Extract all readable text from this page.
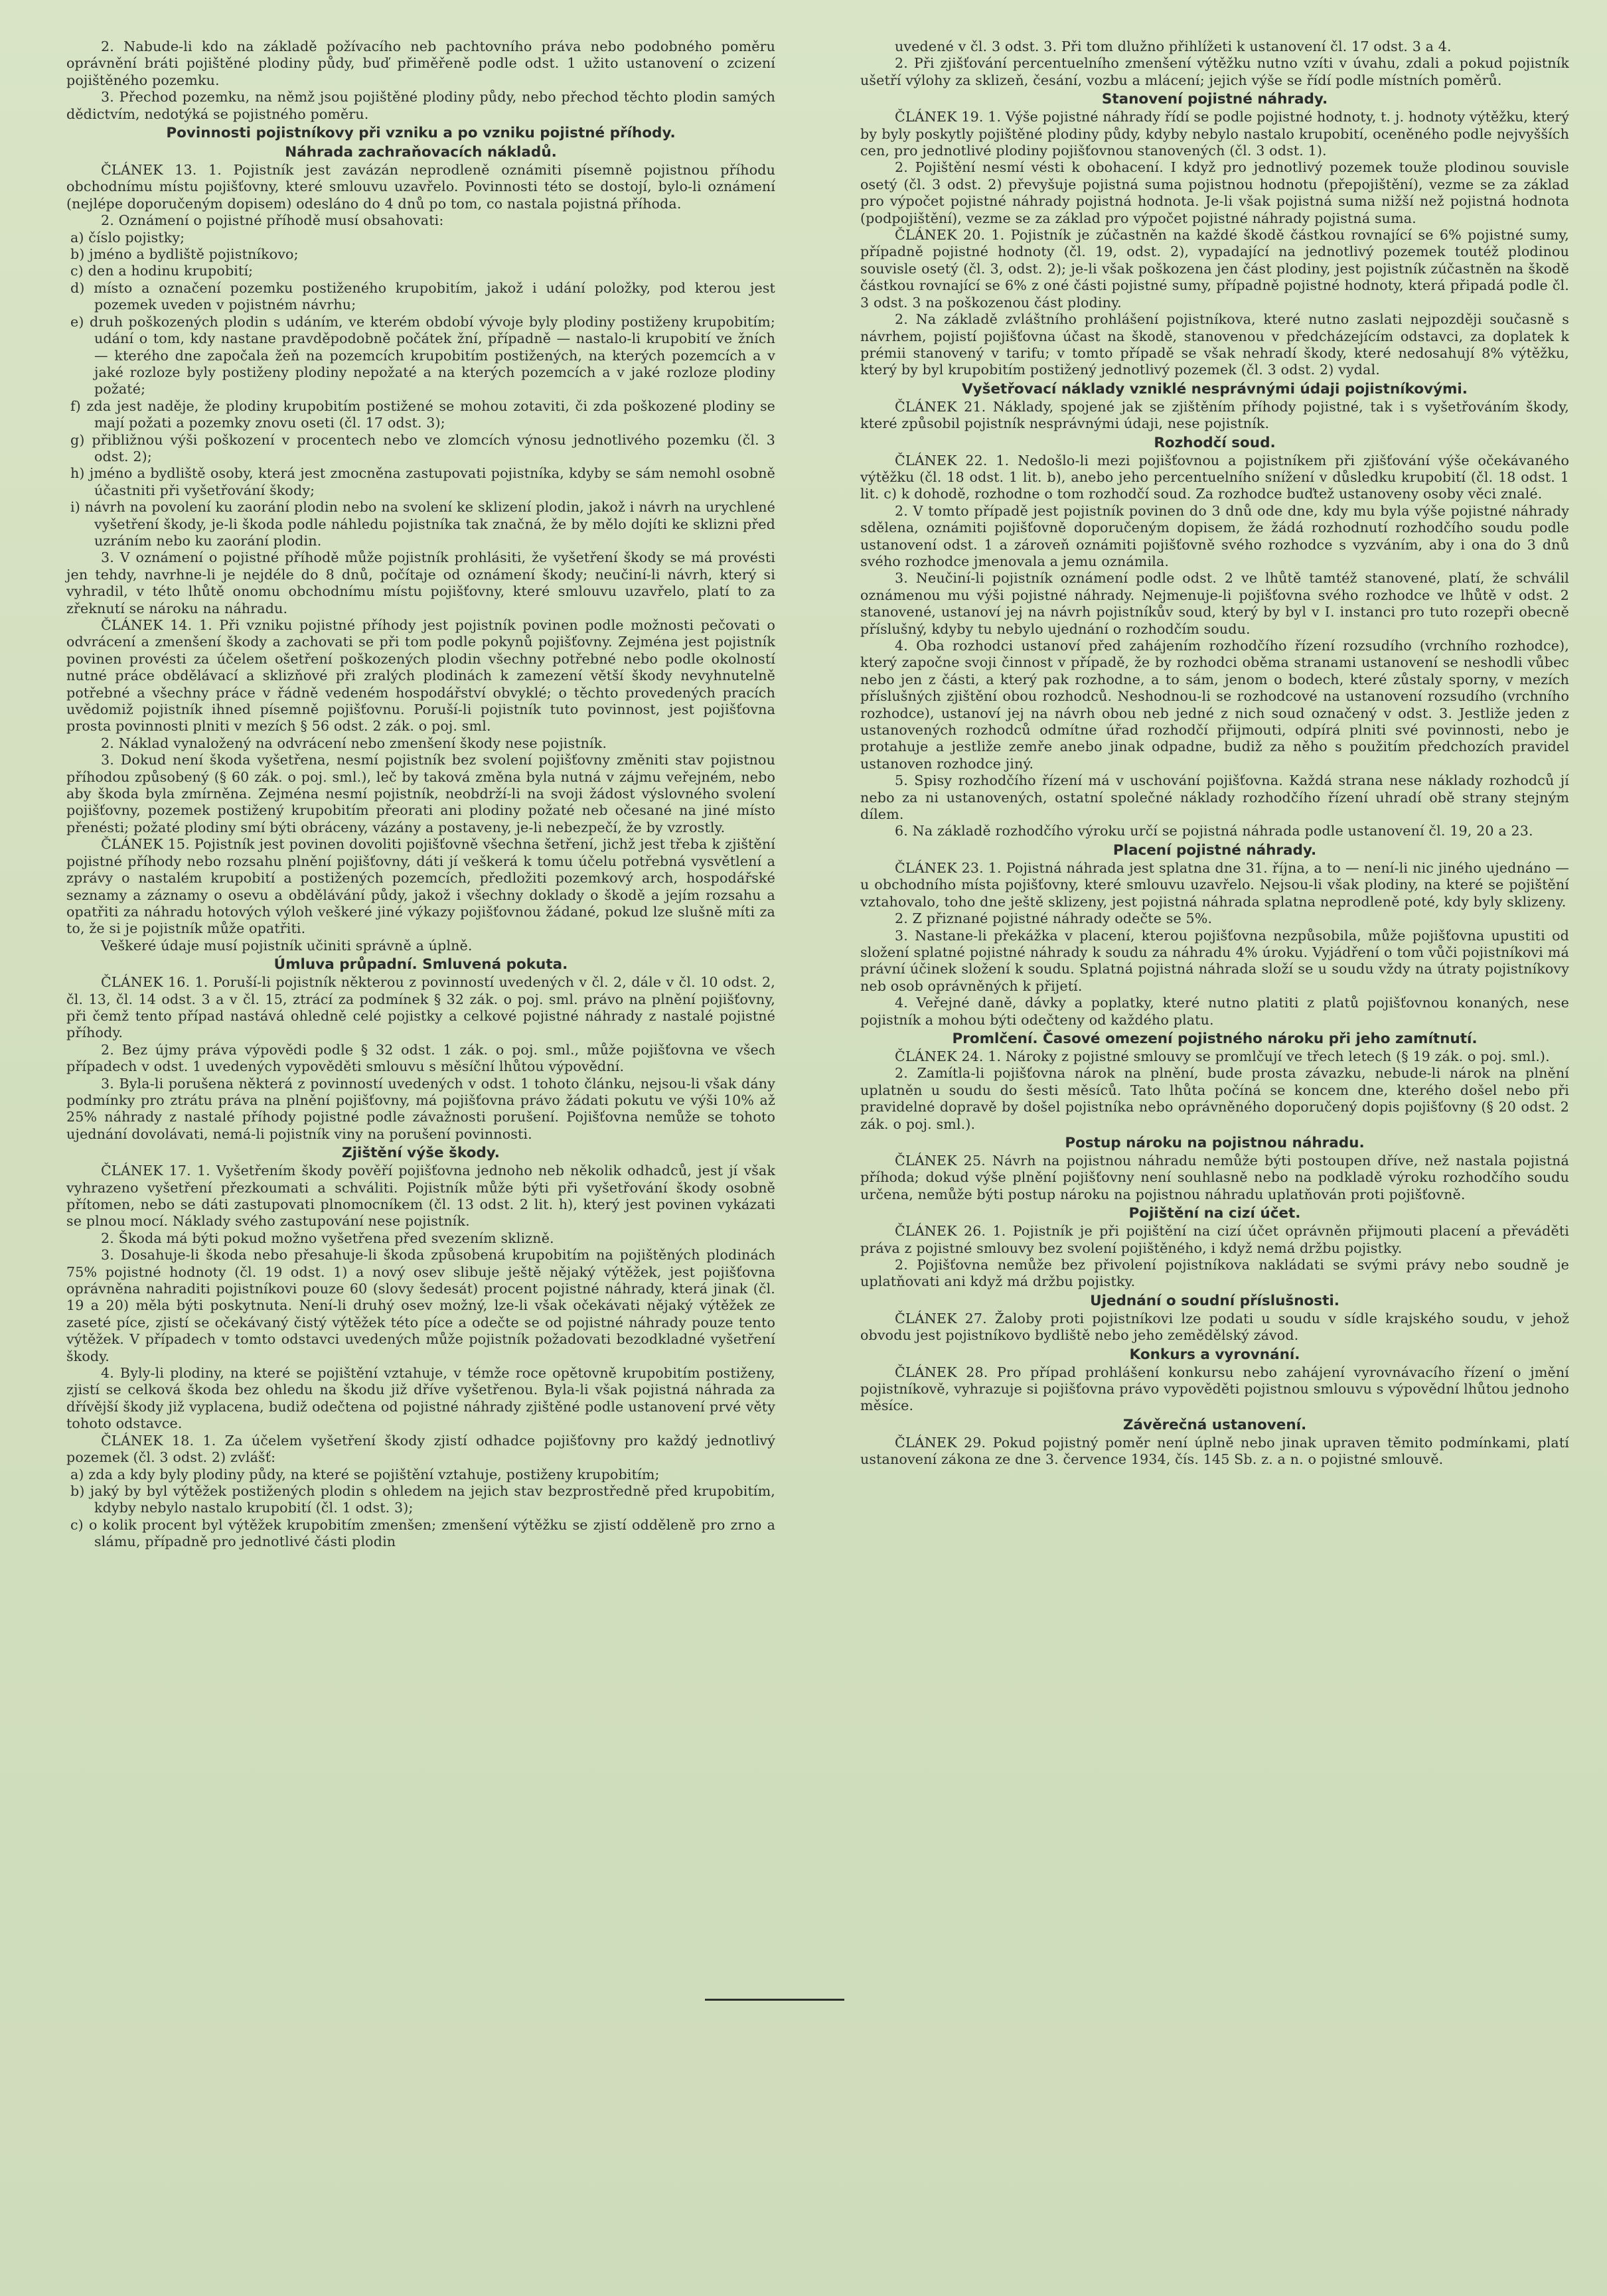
2. Nabude-li kdo na základě požívacího neb pachtovního práva nebo podobného poměru oprávnění bráti pojištěné plodiny půdy, buď přiměřeně podle odst. 1 užito ustanovení o zcizení pojištěného pozemku.

3. Přechod pozemku, na němž jsou pojištěné plodiny půdy, nebo přechod těchto plodin samých dědictvím, nedotýká se pojistného poměru.

Povinnosti pojistníkovy při vzniku a po vzniku pojistné příhody.
Náhrada zachraňovacích nákladů.

ČLÁNEK 13. 1. Pojistník jest zavázán neprodleně oznámiti písemně pojistnou příhodu obchodnímu místu pojišťovny, které smlouvu uzavřelo. Povinnosti této se dostojí, bylo-li oznámení (nejlépe doporučeným dopisem) odesláno do 4 dnů po tom, co nastala pojistná příhoda.

2. Oznámení o pojistné příhodě musí obsahovati:

a) číslo pojistky;

b) jméno a bydliště pojistníkovo;

c) den a hodinu krupobití;

d) místo a označení pozemku postiženého krupobitím, jakož i udání položky, pod kterou jest pozemek uveden v pojistném návrhu;

e) druh poškozených plodin s udáním, ve kterém období vývoje byly plodiny postiženy krupobitím; udání o tom, kdy nastane pravděpodobně počátek žní, případně — nastalo-li krupobití ve žních — kterého dne započala žeň na pozemcích krupobitím postižených, na kterých pozemcích a v jaké rozloze byly postiženy plodiny nepožaté a na kterých pozemcích a v jaké rozloze plodiny požaté;

f) zda jest naděje, že plodiny krupobitím postižené se mohou zotaviti, či zda poškozené plodiny se mají požati a pozemky znovu oseti (čl. 17 odst. 3);

g) přibližnou výši poškození v procentech nebo ve zlomcích výnosu jednotlivého pozemku (čl. 3 odst. 2);

h) jméno a bydliště osoby, která jest zmocněna zastupovati pojistníka, kdyby se sám nemohl osobně účastniti při vyšetřování škody;

i) návrh na povolení ku zaorání plodin nebo na svolení ke sklizení plodin, jakož i návrh na urychlené vyšetření škody, je-li škoda podle náhledu pojistníka tak značná, že by mělo dojíti ke sklizni před uzráním nebo ku zaorání plodin.

3. V oznámení o pojistné příhodě může pojistník prohlásiti, že vyšetření škody se má provésti jen tehdy, navrhne-li je nejdéle do 8 dnů, počítaje od oznámení škody; neučiní-li návrh, který si vyhradil, v této lhůtě onomu obchodnímu místu pojišťovny, které smlouvu uzavřelo, platí to za zřeknutí se nároku na náhradu.

ČLÁNEK 14. 1. Při vzniku pojistné příhody jest pojistník povinen podle možnosti pečovati o odvrácení a zmenšení škody a zachovati se při tom podle pokynů pojišťovny. Zejména jest pojistník povinen provésti za účelem ošetření poškozených plodin všechny potřebné nebo podle okolností nutné práce obdělávací a sklizňové při zralých plodinách k zamezení větší škody nevyhnutelně potřebné a všechny práce v řádně vedeném hospodářství obvyklé; o těchto provedených pracích uvědomiž pojistník ihned písemně pojišťovnu. Poruší-li pojistník tuto povinnost, jest pojišťovna prosta povinnosti plniti v mezích § 56 odst. 2 zák. o poj. sml.

2. Náklad vynaložený na odvrácení nebo zmenšení škody nese pojistník.

3. Dokud není škoda vyšetřena, nesmí pojistník bez svolení pojišťovny změniti stav pojistnou příhodou způsobený (§ 60 zák. o poj. sml.), leč by taková změna byla nutná v zájmu veřejném, nebo aby škoda byla zmírněna. Zejména nesmí pojistník, neobdrží-li na svoji žádost výslovného svolení pojišťovny, pozemek postižený krupobitím přeorati ani plodiny požaté neb očesané na jiné místo přenésti; požaté plodiny smí býti obráceny, vázány a postaveny, je-li nebezpečí, že by vzrostly.

ČLÁNEK 15. Pojistník jest povinen dovoliti pojišťovně všechna šetření, jichž jest třeba k zjištění pojistné příhody nebo rozsahu plnění pojišťovny, dáti jí veškerá k tomu účelu potřebná vysvětlení a zprávy o nastalém krupobití a postižených pozemcích, předložiti pozemkový arch, hospodářské seznamy a záznamy o osevu a obdělávání půdy, jakož i všechny doklady o škodě a jejím rozsahu a opatřiti za náhradu hotových výloh veškeré jiné výkazy pojišťovnou žádané, pokud lze slušně míti za to, že si je pojistník může opatřiti.

Veškeré údaje musí pojistník učiniti správně a úplně.

Úmluva průpadní. Smluvená pokuta.

ČLÁNEK 16. 1. Poruší-li pojistník některou z povinností uvedených v čl. 2, dále v čl. 10 odst. 2, čl. 13, čl. 14 odst. 3 a v čl. 15, ztrácí za podmínek § 32 zák. o poj. sml. právo na plnění pojišťovny, při čemž tento případ nastává ohledně celé pojistky a celkové pojistné náhrady z nastalé pojistné příhody.

2. Bez újmy práva výpovědi podle § 32 odst. 1 zák. o poj. sml., může pojišťovna ve všech případech v odst. 1 uvedených vypověděti smlouvu s měsíční lhůtou výpovědní.

3. Byla-li porušena některá z povinností uvedených v odst. 1 tohoto článku, nejsou-li však dány podmínky pro ztrátu práva na plnění pojišťovny, má pojišťovna právo žádati pokutu ve výši 10% až 25% náhrady z nastalé příhody pojistné podle závažnosti porušení. Pojišťovna nemůže se tohoto ujednání dovolávati, nemá-li pojistník viny na porušení povinnosti.

Zjištění výše škody.

ČLÁNEK 17. 1. Vyšetřením škody pověří pojišťovna jednoho neb několik odhadců, jest jí však vyhrazeno vyšetření přezkoumati a schváliti. Pojistník může býti při vyšetřování škody osobně přítomen, nebo se dáti zastupovati plnomocníkem (čl. 13 odst. 2 lit. h), který jest povinen vykázati se plnou mocí. Náklady svého zastupování nese pojistník.

2. Škoda má býti pokud možno vyšetřena před svezením sklizně.

3. Dosahuje-li škoda nebo přesahuje-li škoda způsobená krupobitím na pojištěných plodinách 75% pojistné hodnoty (čl. 19 odst. 1) a nový osev slibuje ještě nějaký výtěžek, jest pojišťovna oprávněna nahraditi pojistníkovi pouze 60 (slovy šedesát) procent pojistné náhrady, která jinak (čl. 19 a 20) měla býti poskytnuta. Není-li druhý osev možný, lze-li však očekávati nějaký výtěžek ze zaseté píce, zjistí se očekávaný čistý výtěžek této píce a odečte se od pojistné náhrady pouze tento výtěžek. V případech v tomto odstavci uvedených může pojistník požadovati bezodkladné vyšetření škody.

4. Byly-li plodiny, na které se pojištění vztahuje, v témže roce opětovně krupobitím postiženy, zjistí se celková škoda bez ohledu na škodu již dříve vyšetřenou. Byla-li však pojistná náhrada za dřívější škody již vyplacena, budiž odečtena od pojistné náhrady zjištěné podle ustanovení prvé věty tohoto odstavce.

ČLÁNEK 18. 1. Za účelem vyšetření škody zjistí odhadce pojišťovny pro každý jednotlivý pozemek (čl. 3 odst. 2) zvlášť:

a) zda a kdy byly plodiny půdy, na které se pojištění vztahuje, postiženy krupobitím;

b) jaký by byl výtěžek postižených plodin s ohledem na jejich stav bezprostředně před krupobitím, kdyby nebylo nastalo krupobití (čl. 1 odst. 3);

c) o kolik procent byl výtěžek krupobitím zmenšen; zmenšení výtěžku se zjistí odděleně pro zrno a slámu, případně pro jednotlivé části plodin

uvedené v čl. 3 odst. 3. Při tom dlužno přihlížeti k ustanovení čl. 17 odst. 3 a 4.

2. Při zjišťování percentuelního zmenšení výtěžku nutno vzíti v úvahu, zdali a pokud pojistník ušetří výlohy za sklizeň, česání, vozbu a mlácení; jejich výše se řídí podle místních poměrů.

Stanovení pojistné náhrady.

ČLÁNEK 19. 1. Výše pojistné náhrady řídí se podle pojistné hodnoty, t. j. hodnoty výtěžku, který by byly poskytly pojištěné plodiny půdy, kdyby nebylo nastalo krupobití, oceněného podle nejvyšších cen, pro jednotlivé plodiny pojišťovnou stanovených (čl. 3 odst. 1).

2. Pojištění nesmí vésti k obohacení. I když pro jednotlivý pozemek touže plodinou souvisle osetý (čl. 3 odst. 2) převyšuje pojistná suma pojistnou hodnotu (přepojištění), vezme se za základ pro výpočet pojistné náhrady pojistná hodnota. Je-li však pojistná suma nižší než pojistná hodnota (podpojištění), vezme se za základ pro výpočet pojistné náhrady pojistná suma.

ČLÁNEK 20. 1. Pojistník je zúčastněn na každé škodě částkou rovnající se 6% pojistné sumy, případně pojistné hodnoty (čl. 19, odst. 2), vypadající na jednotlivý pozemek toutéž plodinou souvisle osetý (čl. 3, odst. 2); je-li však poškozena jen část plodiny, jest pojistník zúčastněn na škodě částkou rovnající se 6% z oné části pojistné sumy, případně pojistné hodnoty, která připadá podle čl. 3 odst. 3 na poškozenou část plodiny.

2. Na základě zvláštního prohlášení pojistníkova, které nutno zaslati nejpozději současně s návrhem, pojistí pojišťovna účast na škodě, stanovenou v předcházejícím odstavci, za doplatek k prémii stanovený v tarifu; v tomto případě se však nehradí škody, které nedosahují 8% výtěžku, který by byl krupobitím postižený jednotlivý pozemek (čl. 3 odst. 2) vydal.

Vyšetřovací náklady vzniklé nesprávnými údaji pojistníkovými.

ČLÁNEK 21. Náklady, spojené jak se zjištěním příhody pojistné, tak i s vyšetřováním škody, které způsobil pojistník nesprávnými údaji, nese pojistník.

Rozhodčí soud.

ČLÁNEK 22. 1. Nedošlo-li mezi pojišťovnou a pojistníkem při zjišťování výše očekávaného výtěžku (čl. 18 odst. 1 lit. b), anebo jeho percentuelního snížení v důsledku krupobití (čl. 18 odst. 1 lit. c) k dohodě, rozhodne o tom rozhodčí soud. Za rozhodce buďtež ustanoveny osoby věci znalé.

2. V tomto případě jest pojistník povinen do 3 dnů ode dne, kdy mu byla výše pojistné náhrady sdělena, oznámiti pojišťovně doporučeným dopisem, že žádá rozhodnutí rozhodčího soudu podle ustanovení odst. 1 a zároveň oznámiti pojišťovně svého rozhodce s vyzváním, aby i ona do 3 dnů svého rozhodce jmenovala a jemu oznámila.

3. Neučiní-li pojistník oznámení podle odst. 2 ve lhůtě tamtéž stanovené, platí, že schválil oznámenou mu výši pojistné náhrady. Nejmenuje-li pojišťovna svého rozhodce ve lhůtě v odst. 2 stanovené, ustanoví jej na návrh pojistníkův soud, který by byl v I. instanci pro tuto rozepři obecně příslušný, kdyby tu nebylo ujednání o rozhodčím soudu.

4. Oba rozhodci ustanoví před zahájením rozhodčího řízení rozsudího (vrchního rozhodce), který započne svoji činnost v případě, že by rozhodci oběma stranami ustanovení se neshodli vůbec nebo jen z části, a který pak rozhodne, a to sám, jenom o bodech, které zůstaly sporny, v mezích příslušných zjištění obou rozhodců. Neshodnou-li se rozhodcové na ustanovení rozsudího (vrchního rozhodce), ustanoví jej na návrh obou neb jedné z nich soud označený v odst. 3. Jestliže jeden z ustanovených rozhodců odmítne úřad rozhodčí přijmouti, odpírá plniti své povinnosti, nebo je protahuje a jestliže zemře anebo jinak odpadne, budiž za něho s použitím předchozích pravidel ustanoven rozhodce jiný.

5. Spisy rozhodčího řízení má v uschování pojišťovna. Každá strana nese náklady rozhodců jí nebo za ni ustanovených, ostatní společné náklady rozhodčího řízení uhradí obě strany stejným dílem.

6. Na základě rozhodčího výroku určí se pojistná náhrada podle ustanovení čl. 19, 20 a 23.

Placení pojistné náhrady.

ČLÁNEK 23. 1. Pojistná náhrada jest splatna dne 31. října, a to — není-li nic jiného ujednáno — u obchodního místa pojišťovny, které smlouvu uzavřelo. Nejsou-li však plodiny, na které se pojištění vztahovalo, toho dne ještě sklizeny, jest pojistná náhrada splatna neprodleně poté, kdy byly sklizeny.

2. Z přiznané pojistné náhrady odečte se 5%.

3. Nastane-li překážka v placení, kterou pojišťovna nezpůsobila, může pojišťovna upustiti od složení splatné pojistné náhrady k soudu za náhradu 4% úroku. Vyjádření o tom vůči pojistníkovi má právní účinek složení k soudu. Splatná pojistná náhrada složí se u soudu vždy na útraty pojistníkovy neb osob oprávněných k přijetí.

4. Veřejné daně, dávky a poplatky, které nutno platiti z platů pojišťovnou konaných, nese pojistník a mohou býti odečteny od každého platu.

Promlčení. Časové omezení pojistného nároku při jeho zamítnutí.

ČLÁNEK 24. 1. Nároky z pojistné smlouvy se promlčují ve třech letech (§ 19 zák. o poj. sml.).

2. Zamítla-li pojišťovna nárok na plnění, bude prosta závazku, nebude-li nárok na plnění uplatněn u soudu do šesti měsíců. Tato lhůta počíná se koncem dne, kterého došel nebo při pravidelné dopravě by došel pojistníka nebo oprávněného doporučený dopis pojišťovny (§ 20 odst. 2 zák. o poj. sml.).

Postup nároku na pojistnou náhradu.

ČLÁNEK 25. Návrh na pojistnou náhradu nemůže býti postoupen dříve, než nastala pojistná příhoda; dokud výše plnění pojišťovny není souhlasně nebo na podkladě výroku rozhodčího soudu určena, nemůže býti postup nároku na pojistnou náhradu uplatňován proti pojišťovně.

Pojištění na cizí účet.

ČLÁNEK 26. 1. Pojistník je při pojištění na cizí účet oprávněn přijmouti placení a převáděti práva z pojistné smlouvy bez svolení pojištěného, i když nemá držbu pojistky.

2. Pojišťovna nemůže bez přivolení pojistníkova nakládati se svými právy nebo soudně je uplatňovati ani když má držbu pojistky.

Ujednání o soudní příslušnosti.

ČLÁNEK 27. Žaloby proti pojistníkovi lze podati u soudu v sídle krajského soudu, v jehož obvodu jest pojistníkovo bydliště nebo jeho zemědělský závod.

Konkurs a vyrovnání.

ČLÁNEK 28. Pro případ prohlášení konkursu nebo zahájení vyrovnávacího řízení o jmění pojistníkově, vyhrazuje si pojišťovna právo vypověděti pojistnou smlouvu s výpovědní lhůtou jednoho měsíce.

Závěrečná ustanovení.

ČLÁNEK 29. Pokud pojistný poměr není úplně nebo jinak upraven těmito podmínkami, platí ustanovení zákona ze dne 3. července 1934, čís. 145 Sb. z. a n. o pojistné smlouvě.
